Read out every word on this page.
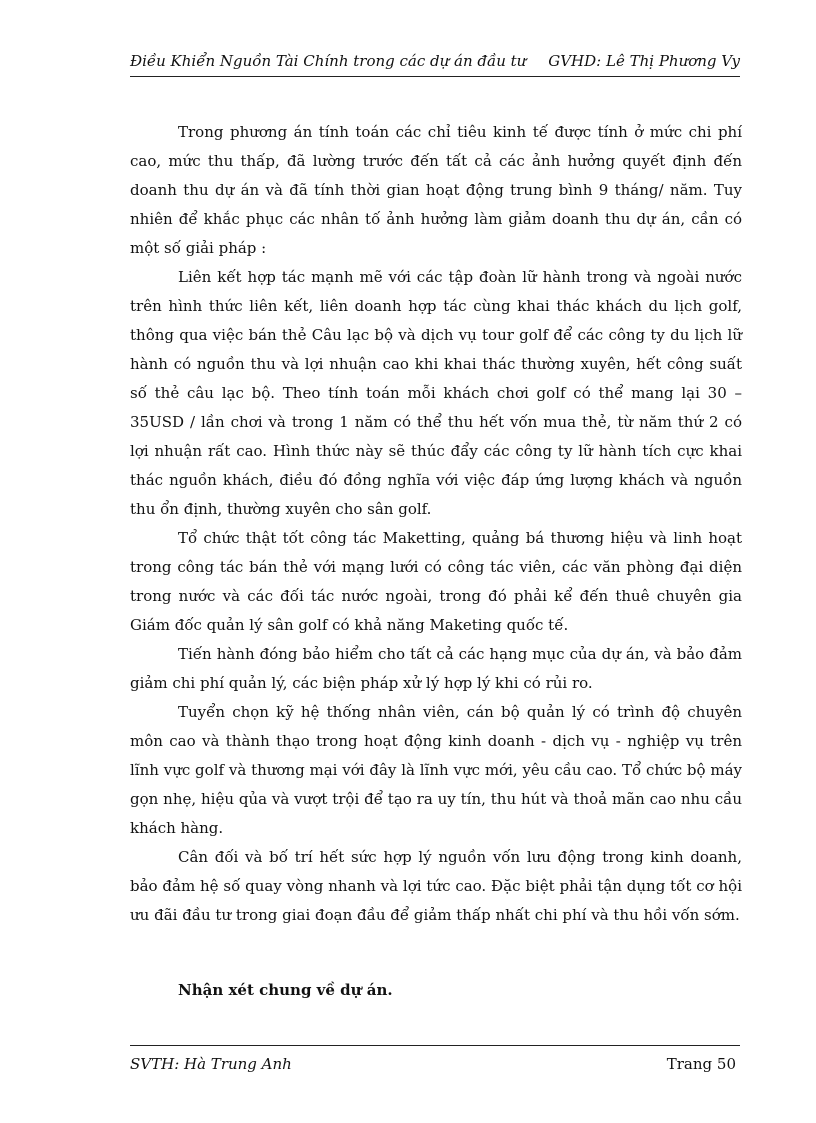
Điều Khiển Nguồn Tài Chính trong các dự án đầu tư GVHD: Lê Thị Phương Vy

Trong phương án tính toán các chỉ tiêu kinh tế được tính ở mức chi phí cao, mức thu thấp, đã lường trước đến tất cả các ảnh hưởng quyết định đến doanh thu dự án và đã tính thời gian hoạt động trung bình 9 tháng/ năm. Tuy nhiên để khắc phục các nhân tố ảnh hưởng làm giảm doanh thu dự án, cần có một số giải pháp :

Liên kết hợp tác mạnh mẽ với các tập đoàn lữ hành trong và ngoài nước trên hình thức liên kết, liên doanh hợp tác cùng khai thác khách du lịch golf, thông qua việc bán thẻ Câu lạc bộ và dịch vụ tour golf để các công ty du lịch lữ hành có nguồn thu và lợi nhuận cao khi khai thác thường xuyên, hết công suất số thẻ câu lạc bộ. Theo tính toán mỗi khách chơi golf có thể mang lại 30 – 35USD / lần chơi và trong 1 năm có thể thu hết vốn mua thẻ, từ năm thứ 2 có lợi nhuận rất cao. Hình thức này sẽ thúc đẩy các công ty lữ hành tích cực khai thác nguồn khách, điều đó đồng nghĩa với việc đáp ứng lượng khách và nguồn thu ổn định, thường xuyên cho sân golf.

Tổ chức thật tốt công tác Maketting, quảng bá thương hiệu và linh hoạt trong công tác bán thẻ với mạng lưới có công tác viên, các văn phòng đại diện trong nước và các đối tác nước ngoài, trong đó phải kể đến thuê chuyên gia Giám đốc quản lý sân golf có khả năng Maketing quốc tế.

Tiến hành đóng bảo hiểm cho tất cả các hạng mục của dự án, và bảo đảm giảm chi phí quản lý, các biện pháp xử lý hợp lý khi có rủi ro.

Tuyển chọn kỹ hệ thống nhân viên, cán bộ quản lý có trình độ chuyên môn cao và thành thạo trong hoạt động kinh doanh - dịch vụ - nghiệp vụ trên lĩnh vực golf và thương mại với đây là lĩnh vực mới, yêu cầu cao. Tổ chức bộ máy gọn nhẹ, hiệu qủa và vượt trội để tạo ra uy tín, thu hút và thoả mãn cao nhu cầu khách hàng.

Cân đối và bố trí hết sức hợp lý nguồn vốn lưu động trong kinh doanh, bảo đảm hệ số quay vòng nhanh và lợi tức cao. Đặc biệt phải tận dụng tốt cơ hội ưu đãi đầu tư trong giai đoạn đầu để giảm thấp nhất chi phí và thu hồi vốn sớm.

Nhận xét chung về dự án.
SVTH: Hà Trung Anh	Trang 50
